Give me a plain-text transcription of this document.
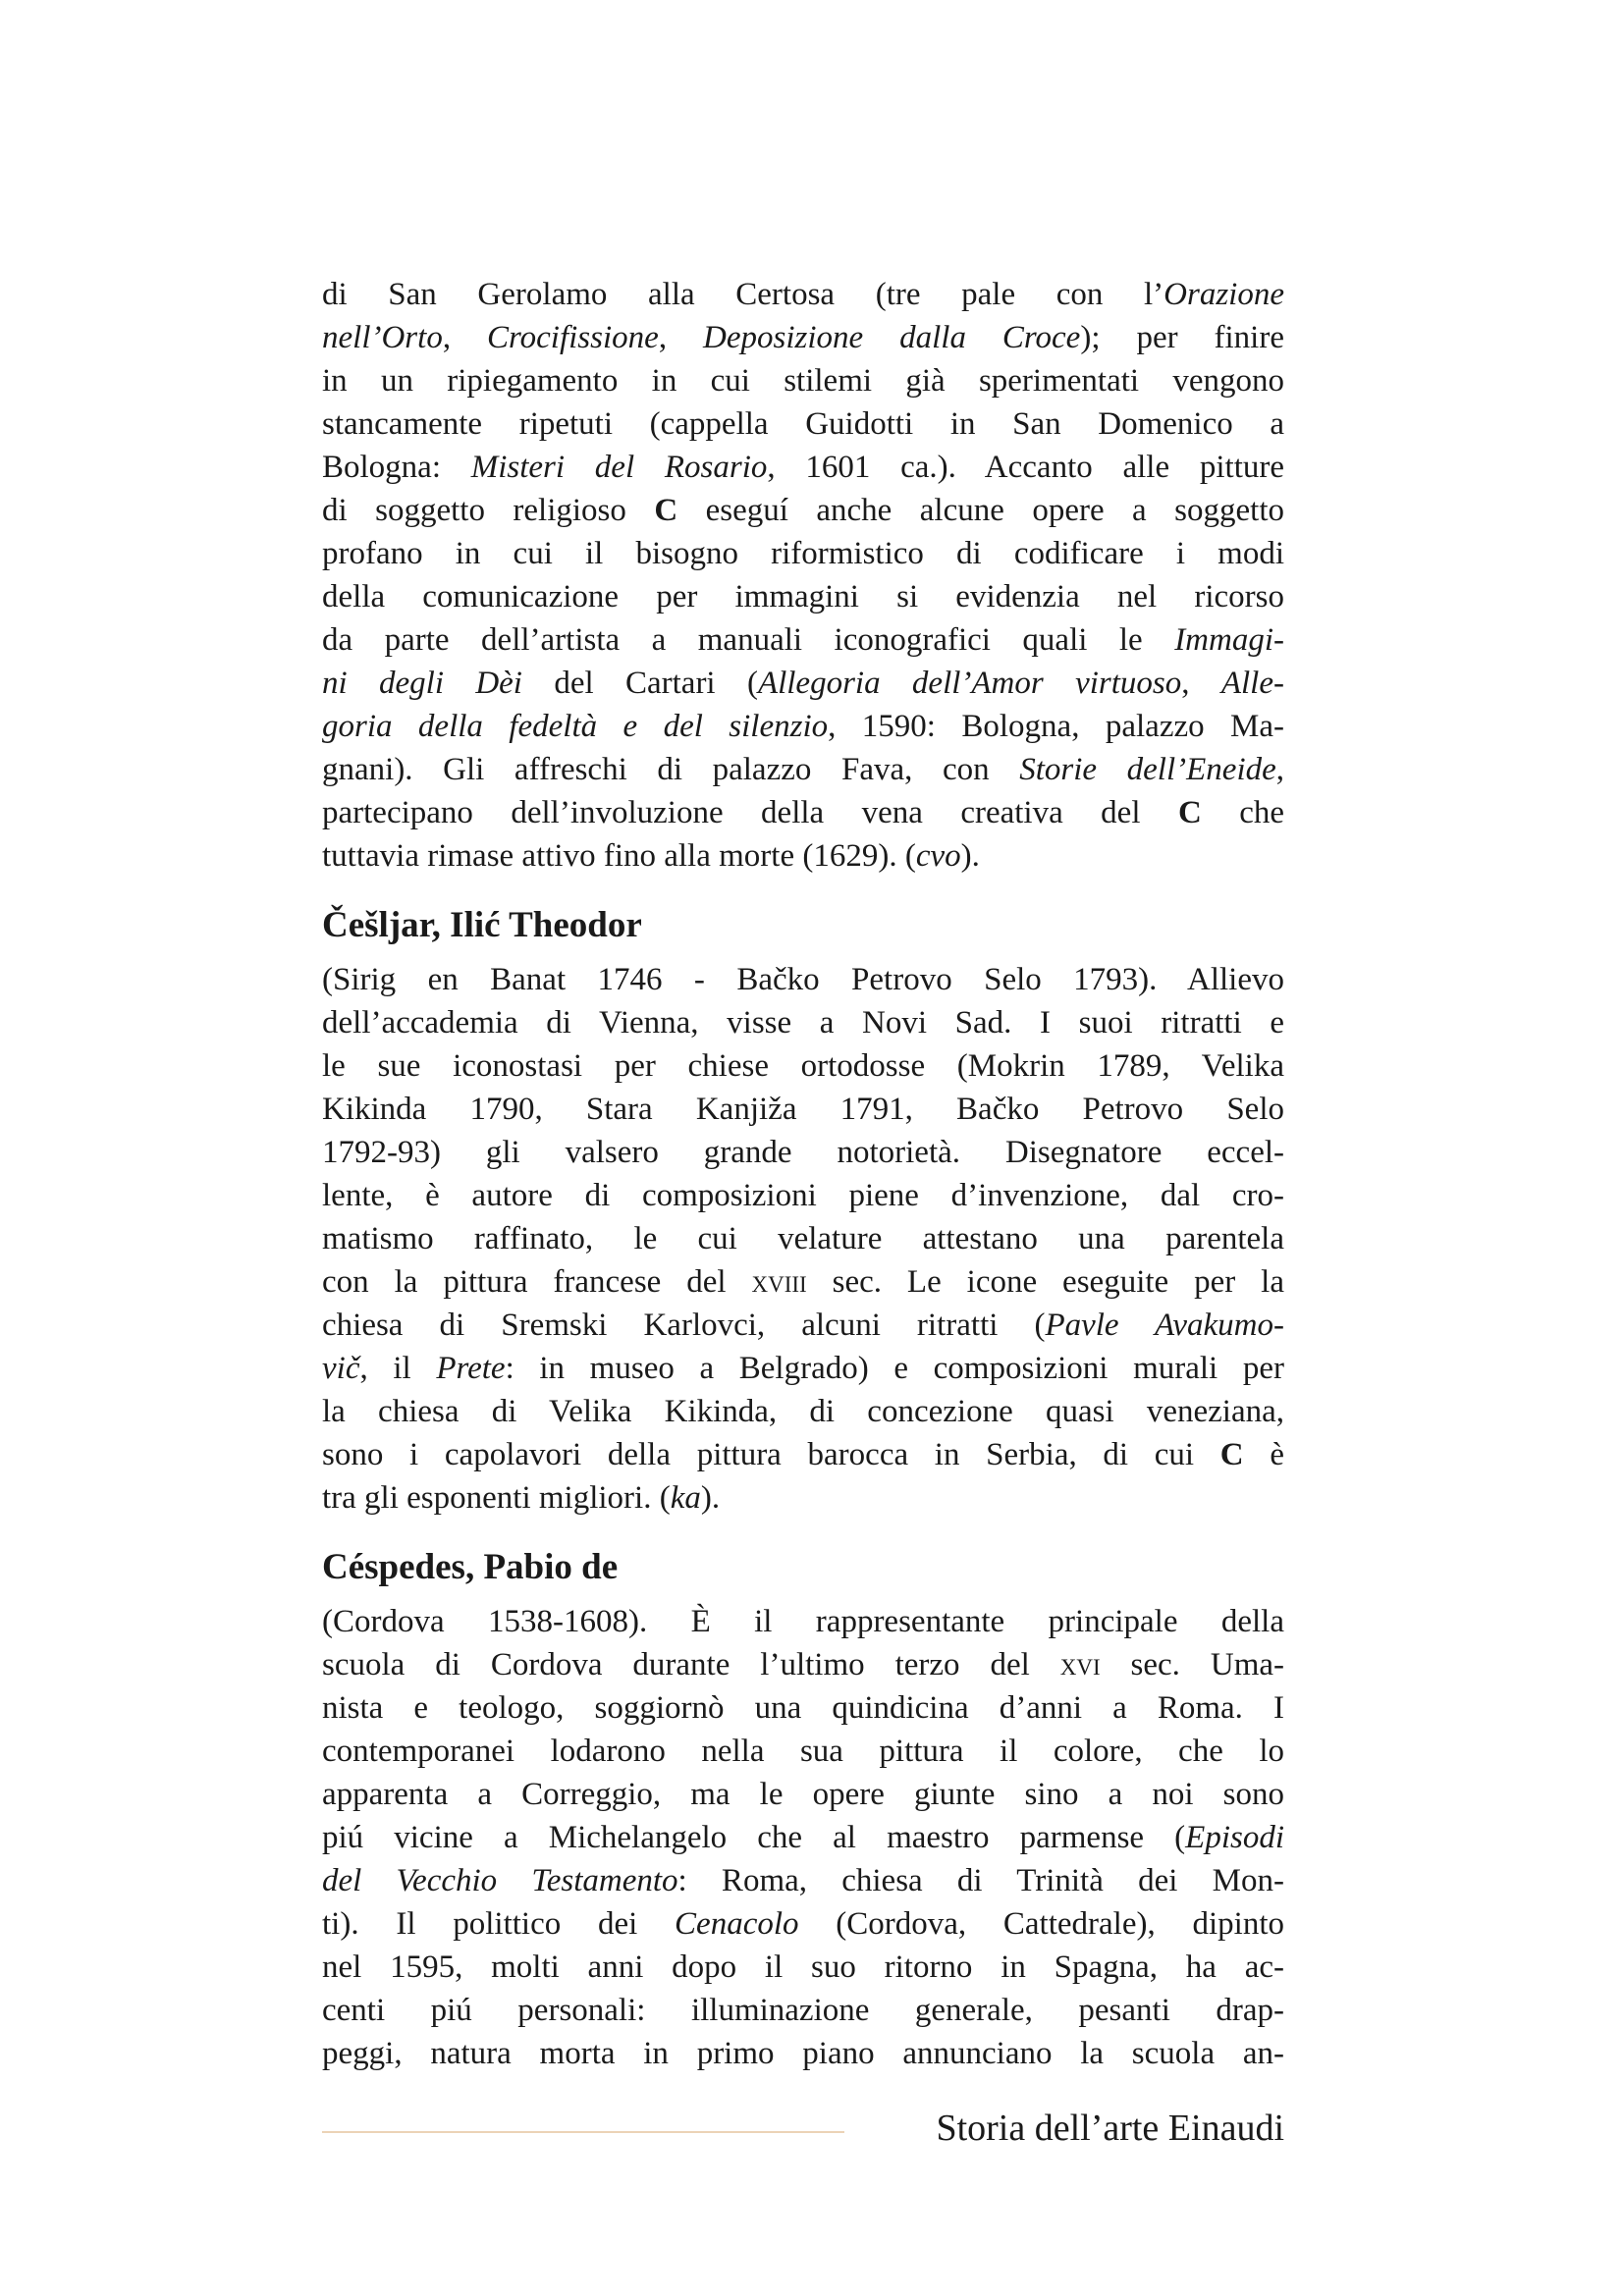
di San Gerolamo alla Certosa (tre pale con l’Orazione
nell’Orto, Crocifissione, Deposizione dalla Croce); per finire
in un ripiegamento in cui stilemi già sperimentati vengono
stancamente ripetuti (cappella Guidotti in San Domenico a
Bologna: Misteri del Rosario, 1601 ca.). Accanto alle pitture
di soggetto religioso C eseguí anche alcune opere a soggetto
profano in cui il bisogno riformistico di codificare i modi
della comunicazione per immagini si evidenzia nel ricorso
da parte dell’artista a manuali iconografici quali le Immagi-
ni degli Dèi del Cartari (Allegoria dell’Amor virtuoso, Alle-
goria della fedeltà e del silenzio, 1590: Bologna, palazzo Ma-
gnani). Gli affreschi di palazzo Fava, con Storie dell’Eneide,
partecipano dell’involuzione della vena creativa del C che
tuttavia rimase attivo fino alla morte (1629). (cvo).
Češljar, Ilić Theodor
(Sirig en Banat 1746 - Bačko Petrovo Selo 1793). Allievo
dell’accademia di Vienna, visse a Novi Sad. I suoi ritratti e
le sue iconostasi per chiese ortodosse (Mokrin 1789, Velika
Kikinda 1790, Stara Kanjiža 1791, Bačko Petrovo Selo
1792-93) gli valsero grande notorietà. Disegnatore eccel-
lente, è autore di composizioni piene d’invenzione, dal cro-
matismo raffinato, le cui velature attestano una parentela
con la pittura francese del xviii sec. Le icone eseguite per la
chiesa di Sremski Karlovci, alcuni ritratti (Pavle Avakumo-
vič, il Prete: in museo a Belgrado) e composizioni murali per
la chiesa di Velika Kikinda, di concezione quasi veneziana,
sono i capolavori della pittura barocca in Serbia, di cui C è
tra gli esponenti migliori. (ka).
Céspedes, Pabio de
(Cordova 1538-1608). È il rappresentante principale della
scuola di Cordova durante l’ultimo terzo del xvi sec. Uma-
nista e teologo, soggiornò una quindicina d’anni a Roma. I
contemporanei lodarono nella sua pittura il colore, che lo
apparenta a Correggio, ma le opere giunte sino a noi sono
piú vicine a Michelangelo che al maestro parmense (Episodi
del Vecchio Testamento: Roma, chiesa di Trinità dei Mon-
ti). Il polittico dei Cenacolo (Cordova, Cattedrale), dipinto
nel 1595, molti anni dopo il suo ritorno in Spagna, ha ac-
centi piú personali: illuminazione generale, pesanti drap-
peggi, natura morta in primo piano annunciano la scuola an-
Storia dell’arte Einaudi
